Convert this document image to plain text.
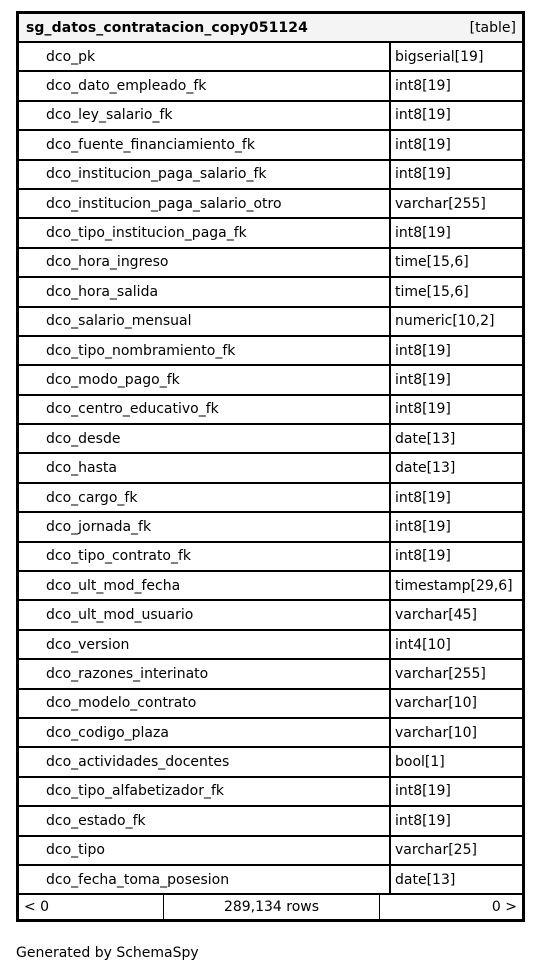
sg_datos_contratacion_copy051124	[table]
dco_pk	bigserial[19]
dco_dato_empleado_fk	int8[19]
dco_ley_salario_fk	int8[19]
dco_fuente_financiamiento_fk	int8[19]
dco_institucion_paga_salario_fk	int8[19]
dco_institucion_paga_salario_otro	varchar[255]
dco_tipo_institucion_paga_fk	int8[19]
dco_hora_ingreso	time[15,6]
dco_hora_salida	time[15,6]
dco_salario_mensual	numeric[10,2]
dco_tipo_nombramiento_fk	int8[19]
dco_modo_pago_fk	int8[19]
dco_centro_educativo_fk	int8[19]
dco_desde	date[13]
dco_hasta	date[13]
dco_cargo_fk	int8[19]
dco_jornada_fk	int8[19]
dco_tipo_contrato_fk	int8[19]
dco_ult_mod_fecha	timestamp[29,6]
dco_ult_mod_usuario	varchar[45]
dco_version	int4[10]
dco_razones_interinato	varchar[255]
dco_modelo_contrato	varchar[10]
dco_codigo_plaza	varchar[10]
dco_actividades_docentes	bool[1]
dco_tipo_alfabetizador_fk	int8[19]
dco_estado_fk	int8[19]
dco_tipo	varchar[25]
dco_fecha_toma_posesion	date[13]
< 0	289,134 rows	0 >
Generated by SchemaSpy
